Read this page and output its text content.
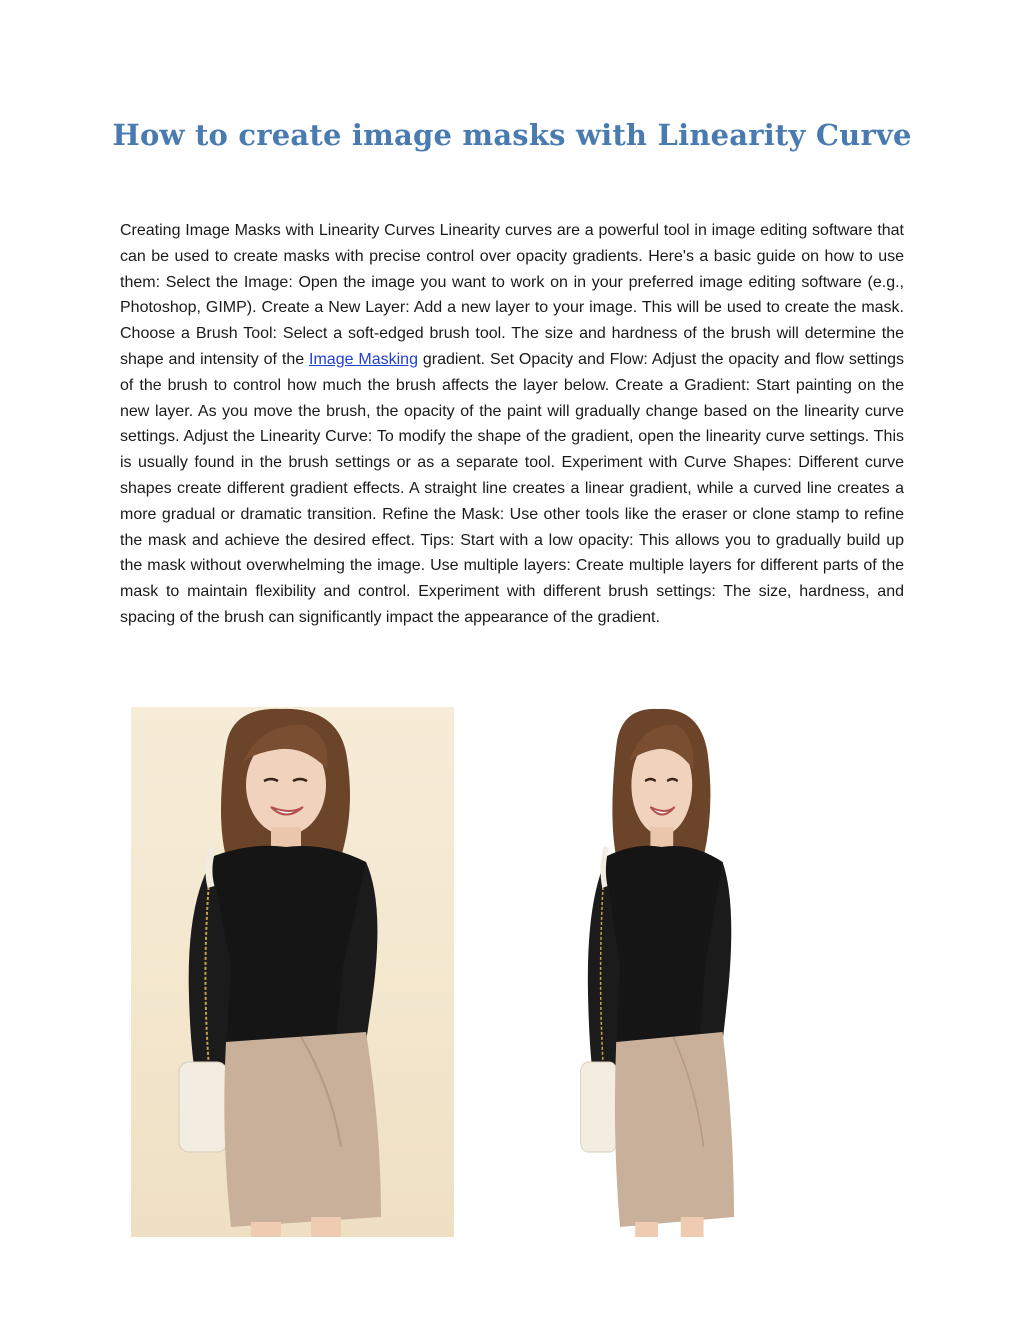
How to create image masks with Linearity Curve

Creating Image Masks with Linearity Curves Linearity curves are a powerful tool in image editing software that can be used to create masks with precise control over opacity gradients. Here's a basic guide on how to use them: Select the Image: Open the image you want to work on in your preferred image editing software (e.g., Photoshop, GIMP). Create a New Layer: Add a new layer to your image. This will be used to create the mask. Choose a Brush Tool: Select a soft-edged brush tool. The size and hardness of the brush will determine the shape and intensity of the Image Masking gradient. Set Opacity and Flow: Adjust the opacity and flow settings of the brush to control how much the brush affects the layer below. Create a Gradient: Start painting on the new layer. As you move the brush, the opacity of the paint will gradually change based on the linearity curve settings. Adjust the Linearity Curve: To modify the shape of the gradient, open the linearity curve settings. This is usually found in the brush settings or as a separate tool. Experiment with Curve Shapes: Different curve shapes create different gradient effects. A straight line creates a linear gradient, while a curved line creates a more gradual or dramatic transition. Refine the Mask: Use other tools like the eraser or clone stamp to refine the mask and achieve the desired effect. Tips: Start with a low opacity: This allows you to gradually build up the mask without overwhelming the image. Use multiple layers: Create multiple layers for different parts of the mask to maintain flexibility and control. Experiment with different brush settings: The size, hardness, and spacing of the brush can significantly impact the appearance of the gradient.
